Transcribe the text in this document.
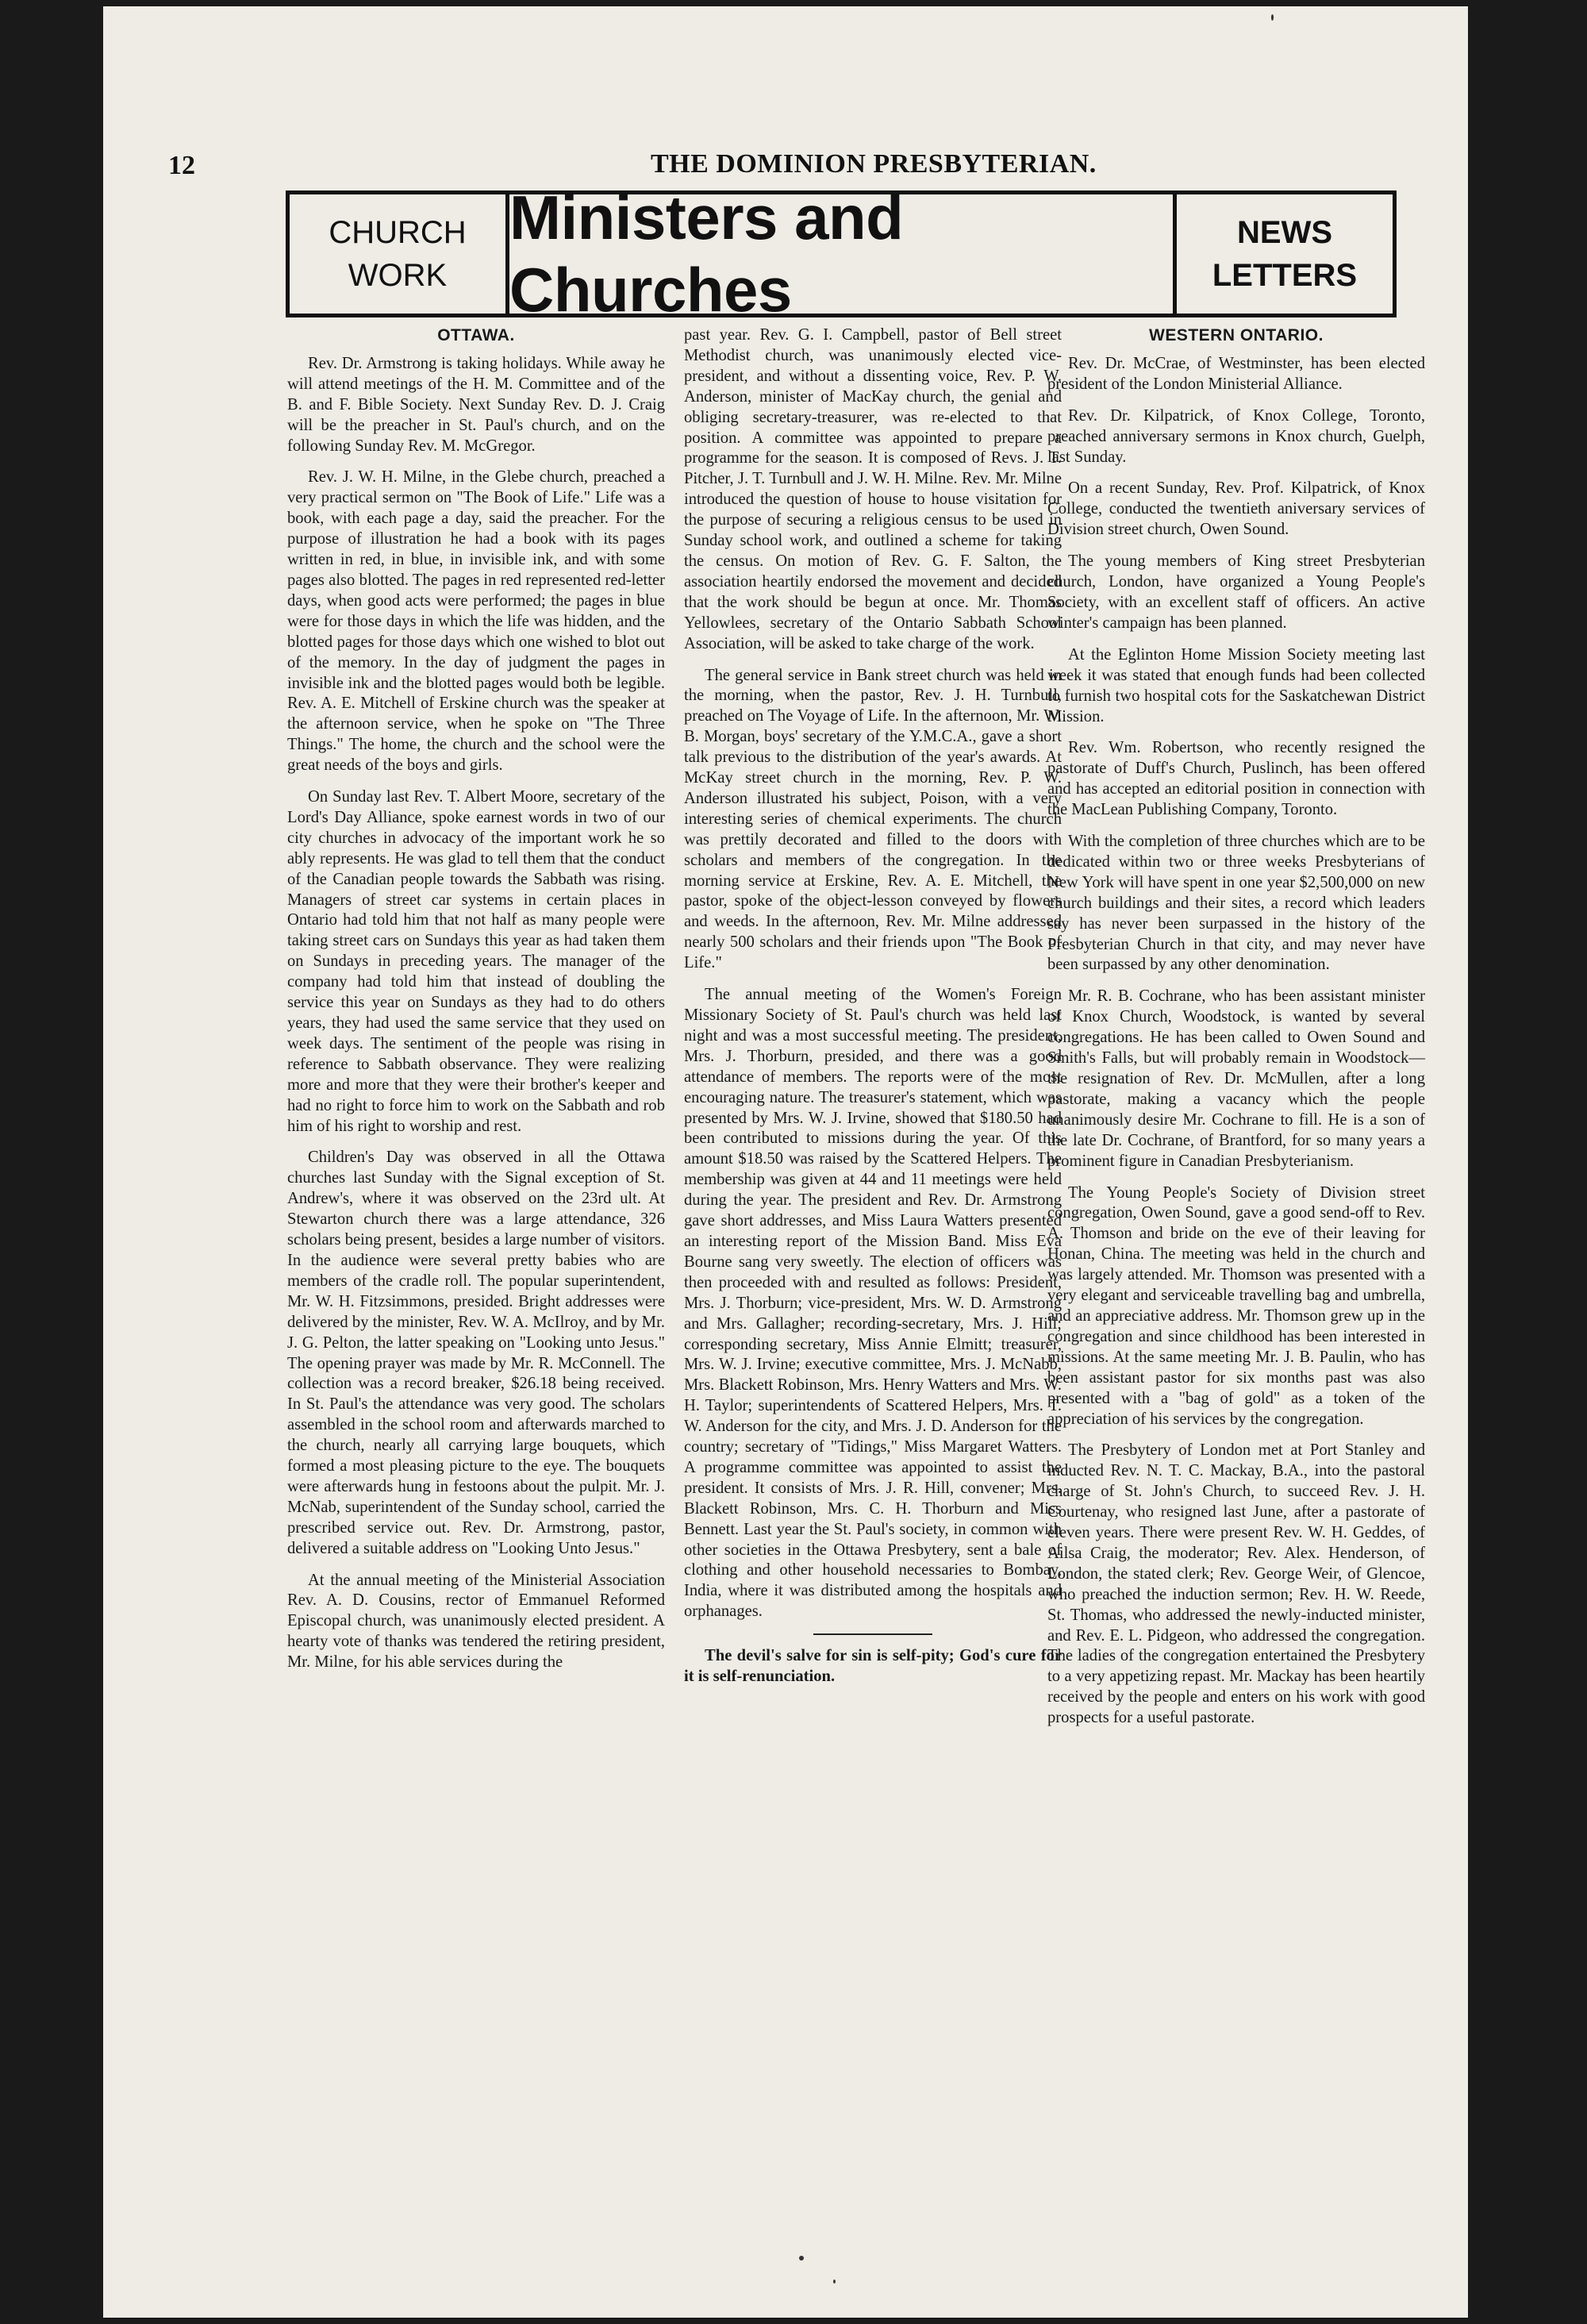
12	THE DOMINION PRESBYTERIAN.
CHURCH
WORK
Ministers and Churches
NEWS
LETTERS
OTTAWA.

Rev. Dr. Armstrong is taking holidays. While away he will attend meetings of the H. M. Committee and of the B. and F. Bible Society. Next Sunday Rev. D. J. Craig will be the preacher in St. Paul's church, and on the following Sunday Rev. M. McGregor.

Rev. J. W. H. Milne, in the Glebe church, preached a very practical sermon on "The Book of Life." Life was a book, with each page a day, said the preacher. For the purpose of illustration he had a book with its pages written in red, in blue, in invisible ink, and with some pages also blotted. The pages in red represented red-letter days, when good acts were performed; the pages in blue were for those days in which the life was hidden, and the blotted pages for those days which one wished to blot out of the memory. In the day of judgment the pages in invisible ink and the blotted pages would both be legible. Rev. A. E. Mitchell of Erskine church was the speaker at the afternoon service, when he spoke on "The Three Things." The home, the church and the school were the great needs of the boys and girls.

On Sunday last Rev. T. Albert Moore, secretary of the Lord's Day Alliance, spoke earnest words in two of our city churches in advocacy of the important work he so ably represents. He was glad to tell them that the conduct of the Canadian people towards the Sabbath was rising. Managers of street car systems in certain places in Ontario had told him that not half as many people were taking street cars on Sundays this year as had taken them on Sundays in preceding years. The manager of the company had told him that instead of doubling the service this year on Sundays as they had to do others years, they had used the same service that they used on week days. The sentiment of the people was rising in reference to Sabbath observance. They were realizing more and more that they were their brother's keeper and had no right to force him to work on the Sabbath and rob him of his right to worship and rest.

Children's Day was observed in all the Ottawa churches last Sunday with the Signal exception of St. Andrew's, where it was observed on the 23rd ult. At Stewarton church there was a large attendance, 326 scholars being present, besides a large number of visitors. In the audience were several pretty babies who are members of the cradle roll. The popular superintendent, Mr. W. H. Fitzsimmons, presided. Bright addresses were delivered by the minister, Rev. W. A. McIlroy, and by Mr. J. G. Pelton, the latter speaking on "Looking unto Jesus." The opening prayer was made by Mr. R. McConnell. The collection was a record breaker, $26.18 being received. In St. Paul's the attendance was very good. The scholars assembled in the school room and afterwards marched to the church, nearly all carrying large bouquets, which formed a most pleasing picture to the eye. The bouquets were afterwards hung in festoons about the pulpit. Mr. J. McNab, superintendent of the Sunday school, carried the prescribed service out. Rev. Dr. Armstrong, pastor, delivered a suitable address on "Looking Unto Jesus."

At the annual meeting of the Ministerial Association Rev. A. D. Cousins, rector of Emmanuel Reformed Episcopal church, was unanimously elected president. A hearty vote of thanks was tendered the retiring president, Mr. Milne, for his able services during the

past year. Rev. G. I. Campbell, pastor of Bell street Methodist church, was unanimously elected vice-president, and without a dissenting voice, Rev. P. W. Anderson, minister of MacKay church, the genial and obliging secretary-treasurer, was re-elected to that position. A committee was appointed to prepare a programme for the season. It is composed of Revs. J. T. Pitcher, J. T. Turnbull and J. W. H. Milne. Rev. Mr. Milne introduced the question of house to house visitation for the purpose of securing a religious census to be used in Sunday school work, and outlined a scheme for taking the census. On motion of Rev. G. F. Salton, the association heartily endorsed the movement and decided that the work should be begun at once. Mr. Thomas Yellowlees, secretary of the Ontario Sabbath School Association, will be asked to take charge of the work.

The general service in Bank street church was held in the morning, when the pastor, Rev. J. H. Turnbull, preached on The Voyage of Life. In the afternoon, Mr. W. B. Morgan, boys' secretary of the Y.M.C.A., gave a short talk previous to the distribution of the year's awards. At McKay street church in the morning, Rev. P. W. Anderson illustrated his subject, Poison, with a very interesting series of chemical experiments. The church was prettily decorated and filled to the doors with scholars and members of the congregation. In the morning service at Erskine, Rev. A. E. Mitchell, the pastor, spoke of the object-lesson conveyed by flowers and weeds. In the afternoon, Rev. Mr. Milne addressed nearly 500 scholars and their friends upon "The Book of Life."

The annual meeting of the Women's Foreign Missionary Society of St. Paul's church was held last night and was a most successful meeting. The president, Mrs. J. Thorburn, presided, and there was a good attendance of members. The reports were of the most encouraging nature. The treasurer's statement, which was presented by Mrs. W. J. Irvine, showed that $180.50 had been contributed to missions during the year. Of this amount $18.50 was raised by the Scattered Helpers. The membership was given at 44 and 11 meetings were held during the year. The president and Rev. Dr. Armstrong gave short addresses, and Miss Laura Watters presented an interesting report of the Mission Band. Miss Eva Bourne sang very sweetly. The election of officers was then proceeded with and resulted as follows: President, Mrs. J. Thorburn; vice-president, Mrs. W. D. Armstrong and Mrs. Gallagher; recording-secretary, Mrs. J. Hill; corresponding secretary, Miss Annie Elmitt; treasurer, Mrs. W. J. Irvine; executive committee, Mrs. J. McNabb, Mrs. Blackett Robinson, Mrs. Henry Watters and Mrs. W. H. Taylor; superintendents of Scattered Helpers, Mrs. T. W. Anderson for the city, and Mrs. J. D. Anderson for the country; secretary of "Tidings," Miss Margaret Watters. A programme committee was appointed to assist the president. It consists of Mrs. J. R. Hill, convener; Mrs. Blackett Robinson, Mrs. C. H. Thorburn and Miss Bennett. Last year the St. Paul's society, in common with other societies in the Ottawa Presbytery, sent a bale of clothing and other household necessaries to Bombay, India, where it was distributed among the hospitals and orphanages.

The devil's salve for sin is self-pity; God's cure for it is self-renunciation.

WESTERN ONTARIO.

Rev. Dr. McCrae, of Westminster, has been elected president of the London Ministerial Alliance.

Rev. Dr. Kilpatrick, of Knox College, Toronto, preached anniversary sermons in Knox church, Guelph, last Sunday.

On a recent Sunday, Rev. Prof. Kilpatrick, of Knox College, conducted the twentieth aniversary services of Division street church, Owen Sound.

The young members of King street Presbyterian church, London, have organized a Young People's Society, with an excellent staff of officers. An active winter's campaign has been planned.

At the Eglinton Home Mission Society meeting last week it was stated that enough funds had been collected to furnish two hospital cots for the Saskatchewan District Mission.

Rev. Wm. Robertson, who recently resigned the pastorate of Duff's Church, Puslinch, has been offered and has accepted an editorial position in connection with the MacLean Publishing Company, Toronto.

With the completion of three churches which are to be dedicated within two or three weeks Presbyterians of New York will have spent in one year $2,500,000 on new church buildings and their sites, a record which leaders say has never been surpassed in the history of the Presbyterian Church in that city, and may never have been surpassed by any other denomination.

Mr. R. B. Cochrane, who has been assistant minister of Knox Church, Woodstock, is wanted by several congregations. He has been called to Owen Sound and Smith's Falls, but will probably remain in Woodstock—the resignation of Rev. Dr. McMullen, after a long pastorate, making a vacancy which the people unanimously desire Mr. Cochrane to fill. He is a son of the late Dr. Cochrane, of Brantford, for so many years a prominent figure in Canadian Presbyterianism.

The Young People's Society of Division street congregation, Owen Sound, gave a good send-off to Rev. A. Thomson and bride on the eve of their leaving for Honan, China. The meeting was held in the church and was largely attended. Mr. Thomson was presented with a very elegant and serviceable travelling bag and umbrella, and an appreciative address. Mr. Thomson grew up in the congregation and since childhood has been interested in missions. At the same meeting Mr. J. B. Paulin, who has been assistant pastor for six months past was also presented with a "bag of gold" as a token of the appreciation of his services by the congregation.

The Presbytery of London met at Port Stanley and inducted Rev. N. T. C. Mackay, B.A., into the pastoral charge of St. John's Church, to succeed Rev. J. H. Courtenay, who resigned last June, after a pastorate of eleven years. There were present Rev. W. H. Geddes, of Ailsa Craig, the moderator; Rev. Alex. Henderson, of London, the stated clerk; Rev. George Weir, of Glencoe, who preached the induction sermon; Rev. H. W. Reede, St. Thomas, who addressed the newly-inducted minister, and Rev. E. L. Pidgeon, who addressed the congregation. The ladies of the congregation entertained the Presbytery to a very appetizing repast. Mr. Mackay has been heartily received by the people and enters on his work with good prospects for a useful pastorate.
